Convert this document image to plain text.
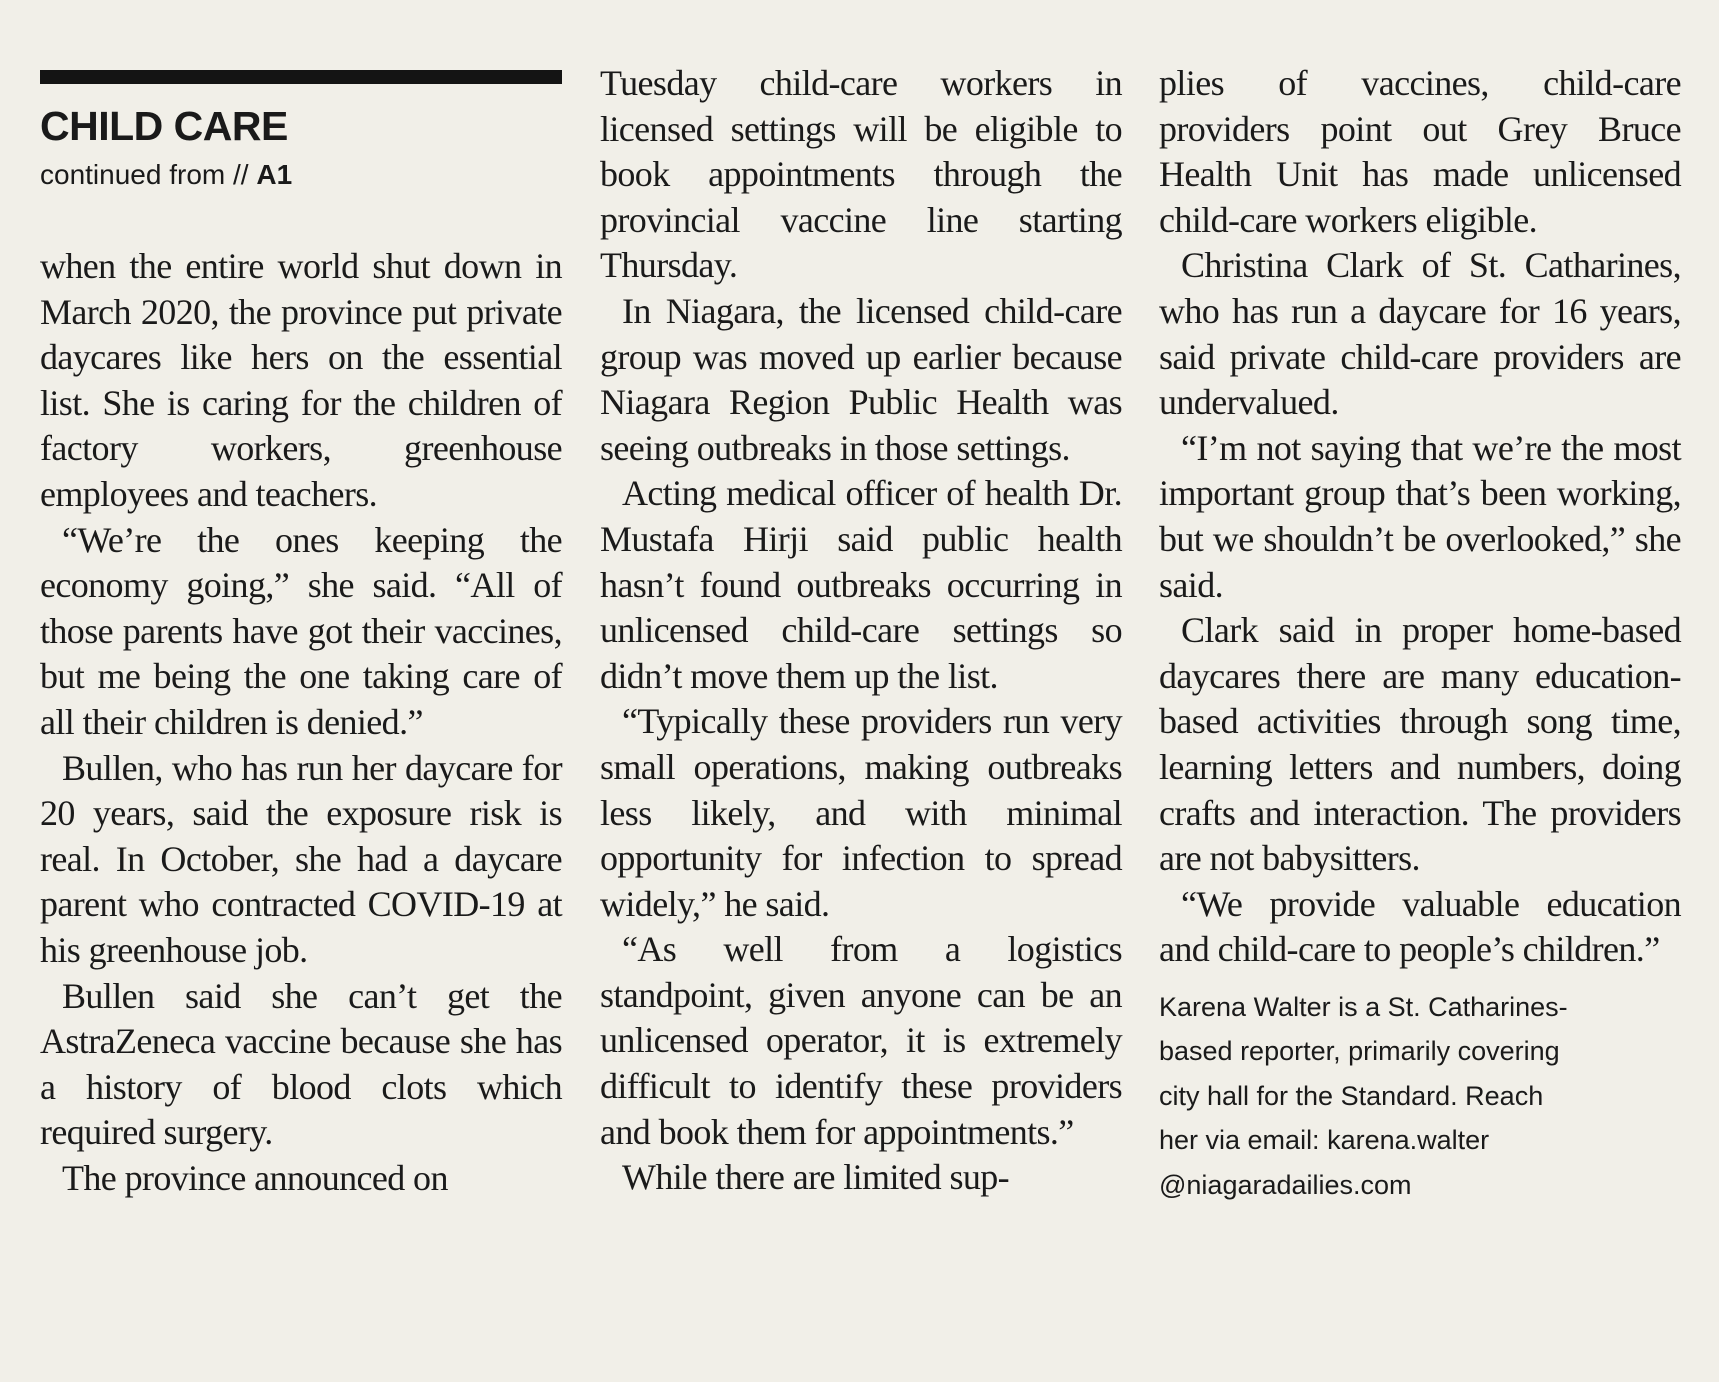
CHILD CARE
continued from // A1

when the entire world shut down in March 2020, the province put private daycares like hers on the essential list. She is caring for the children of factory workers, greenhouse employees and teachers.

“We’re the ones keeping the economy going,” she said. “All of those parents have got their vaccines, but me being the one taking care of all their children is denied.”

Bullen, who has run her daycare for 20 years, said the exposure risk is real. In October, she had a daycare parent who contracted COVID-19 at his greenhouse job.

Bullen said she can’t get the AstraZeneca vaccine because she has a history of blood clots which required surgery.

The province announced on

Tuesday child-care workers in licensed settings will be eligible to book appointments through the provincial vaccine line starting Thursday.

In Niagara, the licensed child-care group was moved up earlier because Niagara Region Public Health was seeing outbreaks in those settings.

Acting medical officer of health Dr. Mustafa Hirji said public health hasn’t found outbreaks occurring in unlicensed child-care settings so didn’t move them up the list.

“Typically these providers run very small operations, making outbreaks less likely, and with minimal opportunity for infection to spread widely,” he said.

“As well from a logistics standpoint, given anyone can be an unlicensed operator, it is extremely difficult to identify these providers and book them for appointments.”

While there are limited sup-

plies of vaccines, child-care providers point out Grey Bruce Health Unit has made unlicensed child-care workers eligible.

Christina Clark of St. Catharines, who has run a daycare for 16 years, said private child-care providers are undervalued.

“I’m not saying that we’re the most important group that’s been working, but we shouldn’t be overlooked,” she said.

Clark said in proper home-based daycares there are many education-based activities through song time, learning letters and numbers, doing crafts and interaction. The providers are not babysitters.

“We provide valuable education and child-care to people’s children.”

Karena Walter is a St. Catharines-
based reporter, primarily covering
city hall for the Standard. Reach
her via email: karena.walter
@niagaradailies.com
